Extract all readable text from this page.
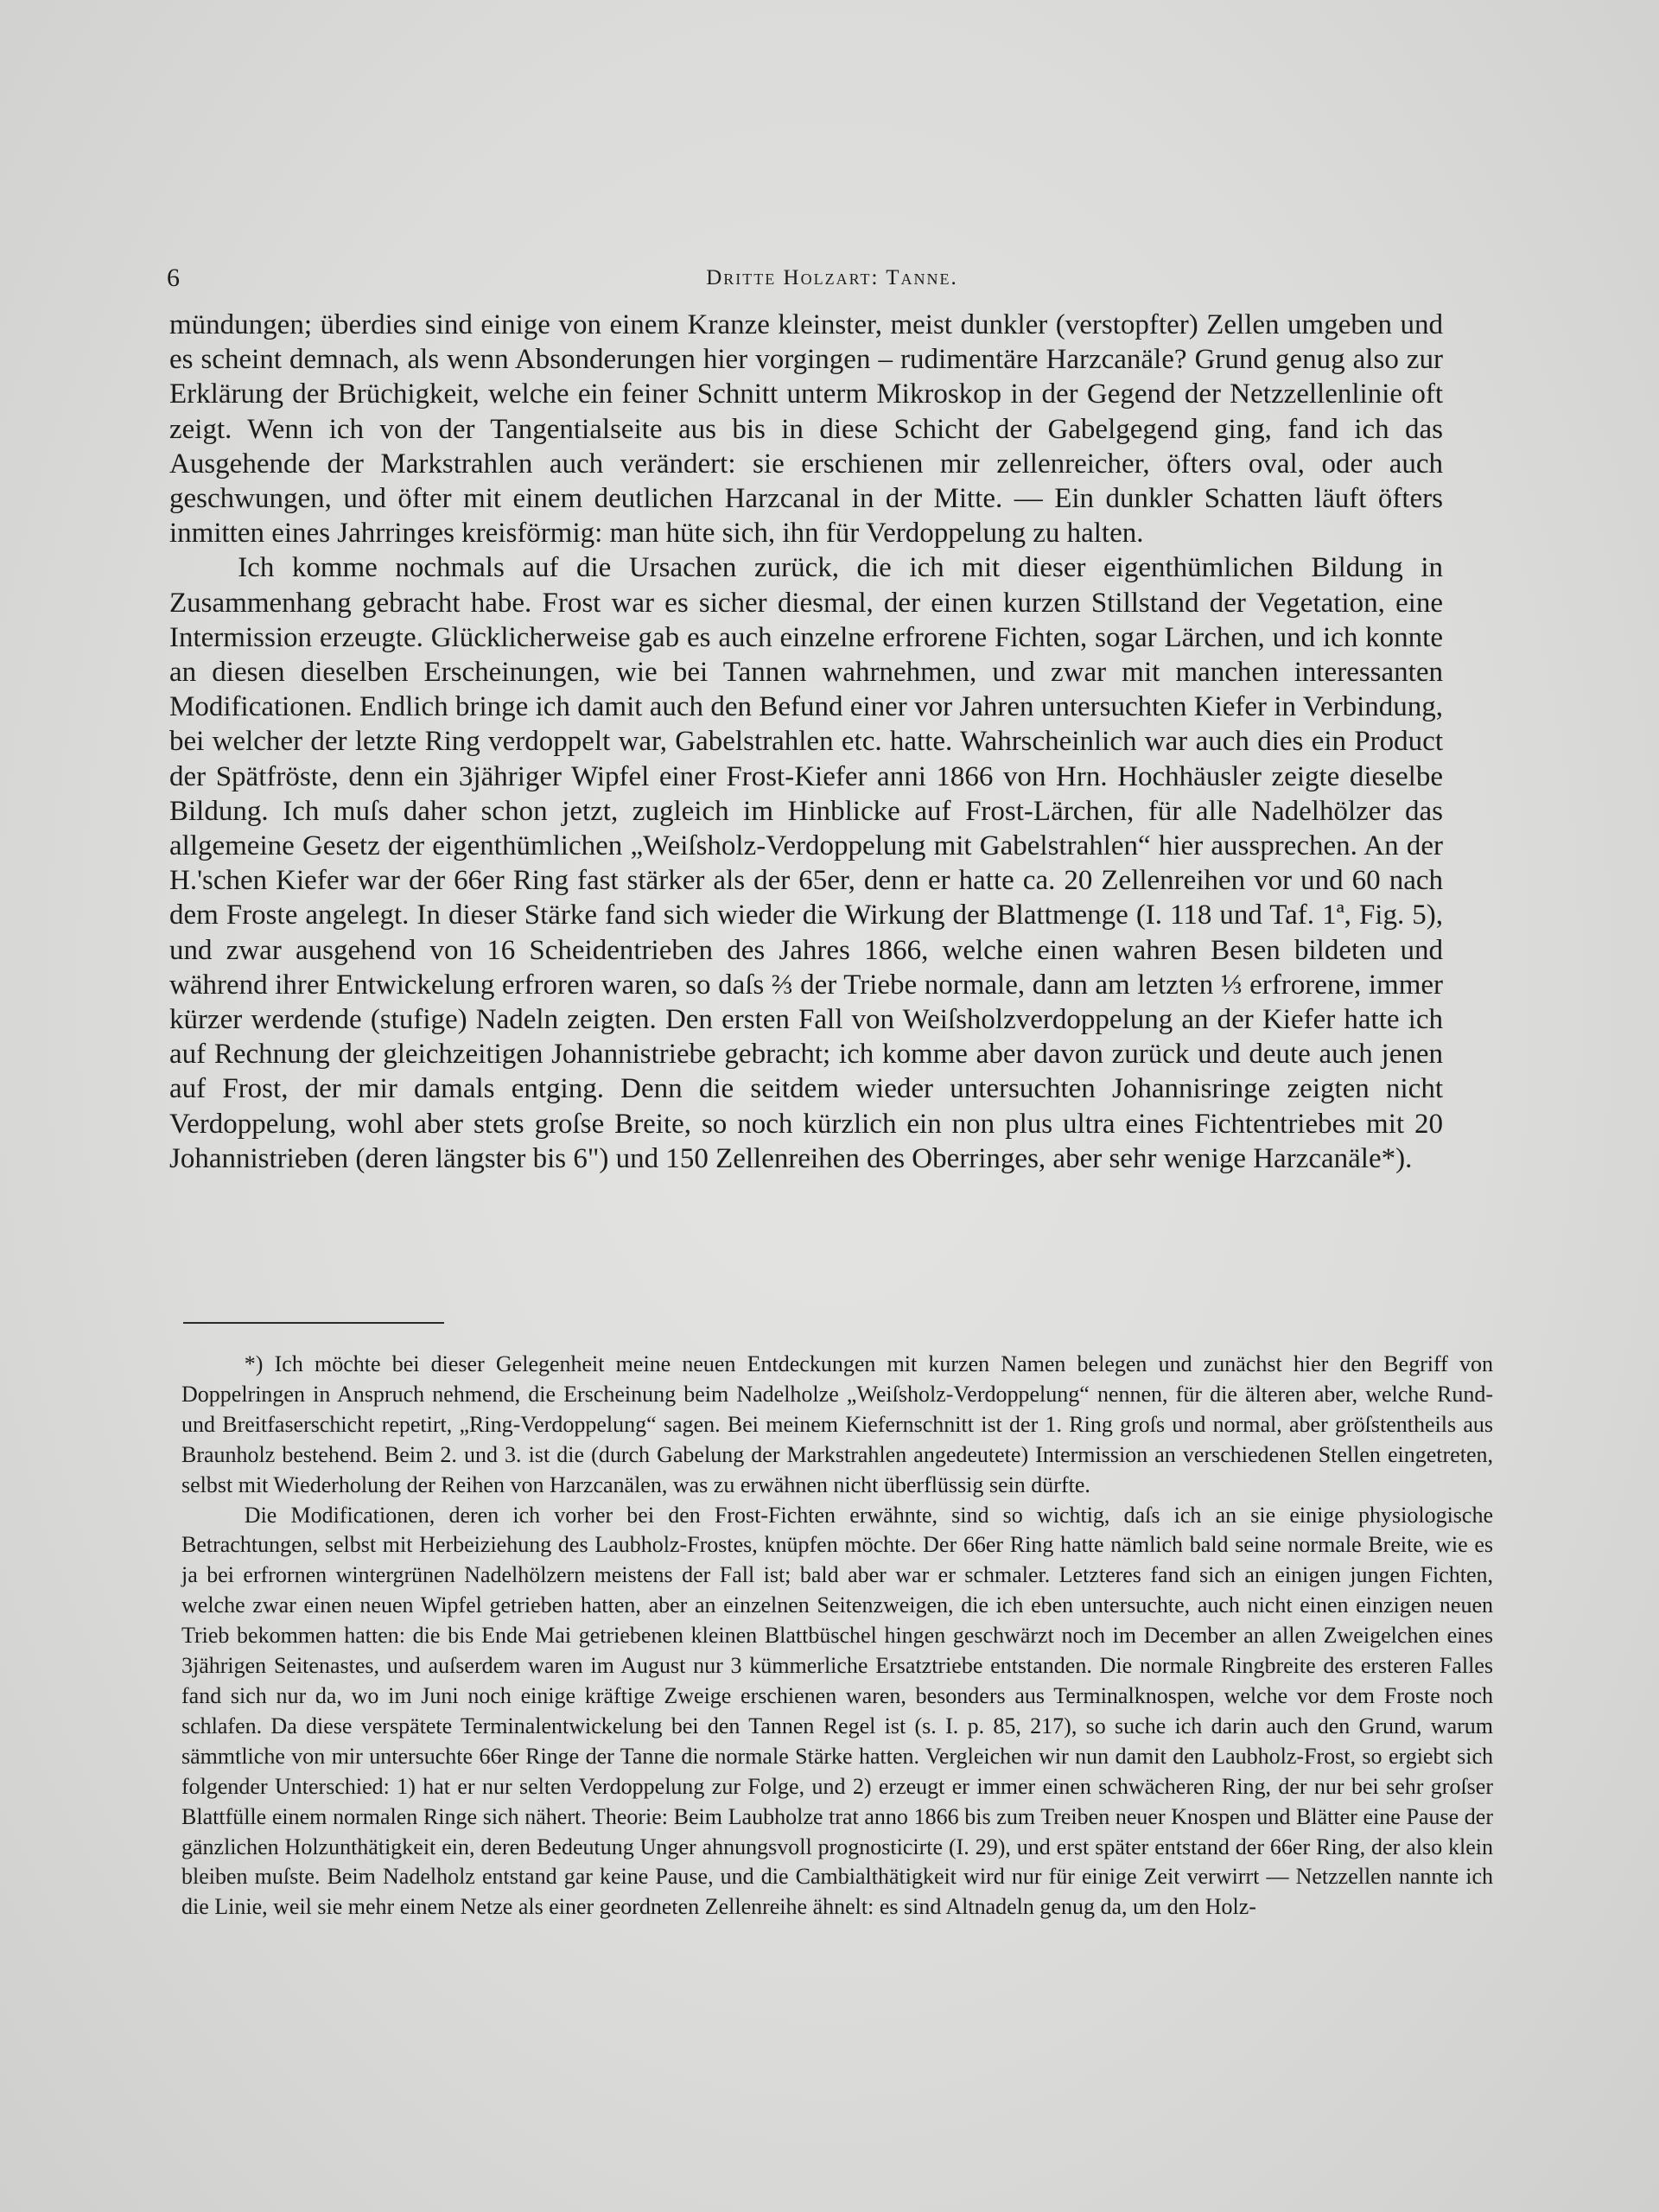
6	Dritte Holzart: Tanne.

mündungen; überdies sind einige von einem Kranze kleinster, meist dunkler (verstopfter) Zellen umgeben und es scheint demnach, als wenn Absonderungen hier vorgingen – rudimentäre Harzcanäle? Grund genug also zur Erklärung der Brüchigkeit, welche ein feiner Schnitt unterm Mikroskop in der Gegend der Netzzellenlinie oft zeigt. Wenn ich von der Tangentialseite aus bis in diese Schicht der Gabelgegend ging, fand ich das Ausgehende der Markstrahlen auch verändert: sie erschienen mir zellenreicher, öfters oval, oder auch geschwungen, und öfter mit einem deutlichen Harzcanal in der Mitte. — Ein dunkler Schatten läuft öfters inmitten eines Jahrringes kreisförmig: man hüte sich, ihn für Verdoppelung zu halten.

Ich komme nochmals auf die Ursachen zurück, die ich mit dieser eigenthümlichen Bildung in Zusammenhang gebracht habe. Frost war es sicher diesmal, der einen kurzen Stillstand der Vegetation, eine Intermission erzeugte. Glücklicherweise gab es auch einzelne erfrorene Fichten, sogar Lärchen, und ich konnte an diesen dieselben Erscheinungen, wie bei Tannen wahrnehmen, und zwar mit manchen interessanten Modificationen. Endlich bringe ich damit auch den Befund einer vor Jahren untersuchten Kiefer in Verbindung, bei welcher der letzte Ring verdoppelt war, Gabelstrahlen etc. hatte. Wahrscheinlich war auch dies ein Product der Spätfröste, denn ein 3jähriger Wipfel einer Frost-Kiefer anni 1866 von Hrn. Hochhäusler zeigte dieselbe Bildung. Ich muſs daher schon jetzt, zugleich im Hinblicke auf Frost-Lärchen, für alle Nadelhölzer das allgemeine Gesetz der eigenthümlichen „Weiſsholz-Verdoppelung mit Gabelstrahlen“ hier aussprechen. An der H.'schen Kiefer war der 66er Ring fast stärker als der 65er, denn er hatte ca. 20 Zellenreihen vor und 60 nach dem Froste angelegt. In dieser Stärke fand sich wieder die Wirkung der Blattmenge (I. 118 und Taf. 1ª, Fig. 5), und zwar ausgehend von 16 Scheidentrieben des Jahres 1866, welche einen wahren Besen bildeten und während ihrer Entwickelung erfroren waren, so daſs ⅔ der Triebe normale, dann am letzten ⅓ erfrorene, immer kürzer werdende (stufige) Nadeln zeigten. Den ersten Fall von Weiſsholzverdoppelung an der Kiefer hatte ich auf Rechnung der gleichzeitigen Johannistriebe gebracht; ich komme aber davon zurück und deute auch jenen auf Frost, der mir damals entging. Denn die seitdem wieder untersuchten Johannisringe zeigten nicht Verdoppelung, wohl aber stets groſse Breite, so noch kürzlich ein non plus ultra eines Fichtentriebes mit 20 Johannistrieben (deren längster bis 6") und 150 Zellenreihen des Oberringes, aber sehr wenige Harzcanäle*).

*) Ich möchte bei dieser Gelegenheit meine neuen Entdeckungen mit kurzen Namen belegen und zunächst hier den Begriff von Doppelringen in Anspruch nehmend, die Erscheinung beim Nadelholze „Weiſsholz-Verdoppelung“ nennen, für die älteren aber, welche Rund- und Breitfaserschicht repetirt, „Ring-Verdoppelung“ sagen. Bei meinem Kiefernschnitt ist der 1. Ring groſs und normal, aber gröſstentheils aus Braunholz bestehend. Beim 2. und 3. ist die (durch Gabelung der Markstrahlen angedeutete) Intermission an verschiedenen Stellen eingetreten, selbst mit Wiederholung der Reihen von Harzcanälen, was zu erwähnen nicht überflüssig sein dürfte.

Die Modificationen, deren ich vorher bei den Frost-Fichten erwähnte, sind so wichtig, daſs ich an sie einige physiologische Betrachtungen, selbst mit Herbeiziehung des Laubholz-Frostes, knüpfen möchte. Der 66er Ring hatte nämlich bald seine normale Breite, wie es ja bei erfrornen wintergrünen Nadelhölzern meistens der Fall ist; bald aber war er schmaler. Letzteres fand sich an einigen jungen Fichten, welche zwar einen neuen Wipfel getrieben hatten, aber an einzelnen Seitenzweigen, die ich eben untersuchte, auch nicht einen einzigen neuen Trieb bekommen hatten: die bis Ende Mai getriebenen kleinen Blattbüschel hingen geschwärzt noch im December an allen Zweigelchen eines 3jährigen Seitenastes, und auſserdem waren im August nur 3 kümmerliche Ersatztriebe entstanden. Die normale Ringbreite des ersteren Falles fand sich nur da, wo im Juni noch einige kräftige Zweige erschienen waren, besonders aus Terminalknospen, welche vor dem Froste noch schlafen. Da diese verspätete Terminalentwickelung bei den Tannen Regel ist (s. I. p. 85, 217), so suche ich darin auch den Grund, warum sämmtliche von mir untersuchte 66er Ringe der Tanne die normale Stärke hatten. Vergleichen wir nun damit den Laubholz-Frost, so ergiebt sich folgender Unterschied: 1) hat er nur selten Verdoppelung zur Folge, und 2) erzeugt er immer einen schwächeren Ring, der nur bei sehr groſser Blattfülle einem normalen Ringe sich nähert. Theorie: Beim Laubholze trat anno 1866 bis zum Treiben neuer Knospen und Blätter eine Pause der gänzlichen Holzunthätigkeit ein, deren Bedeutung Unger ahnungsvoll prognosticirte (I. 29), und erst später entstand der 66er Ring, der also klein bleiben muſste. Beim Nadelholz entstand gar keine Pause, und die Cambialthätigkeit wird nur für einige Zeit verwirrt — Netzzellen nannte ich die Linie, weil sie mehr einem Netze als einer geordneten Zellenreihe ähnelt: es sind Altnadeln genug da, um den Holz-
